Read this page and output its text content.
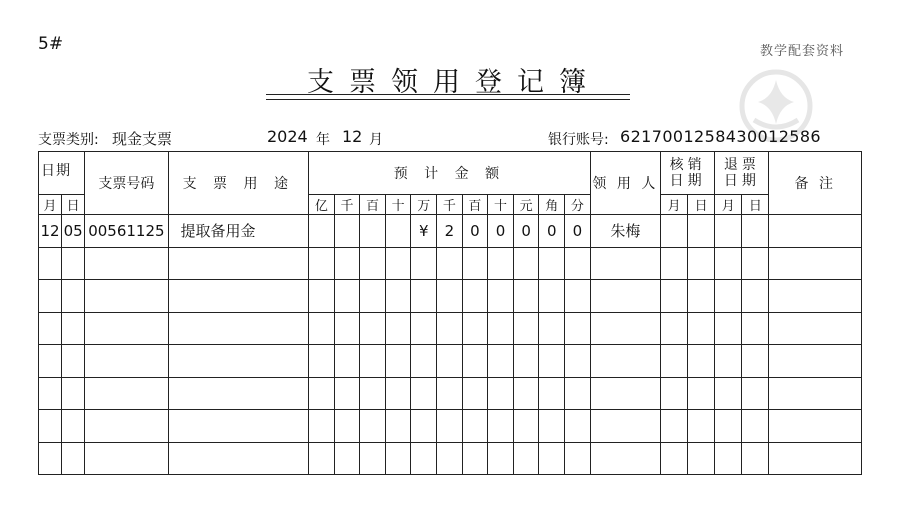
5#
支票领用登记簿
教学配套资料
支票类别: 现金支票	2024 年 12 月	银行账号: 6217001258430012586
日期		支票号码	支 票 用 途	预 计 金 额											领 用 人	核销日期		退票日期		备 注
月	日			亿	千	百	十	万	千	百	十	元	角	分		月	日	月	日	
12	05	00561125	提取备用金					¥	2	0	0	0	0	0	朱梅					
